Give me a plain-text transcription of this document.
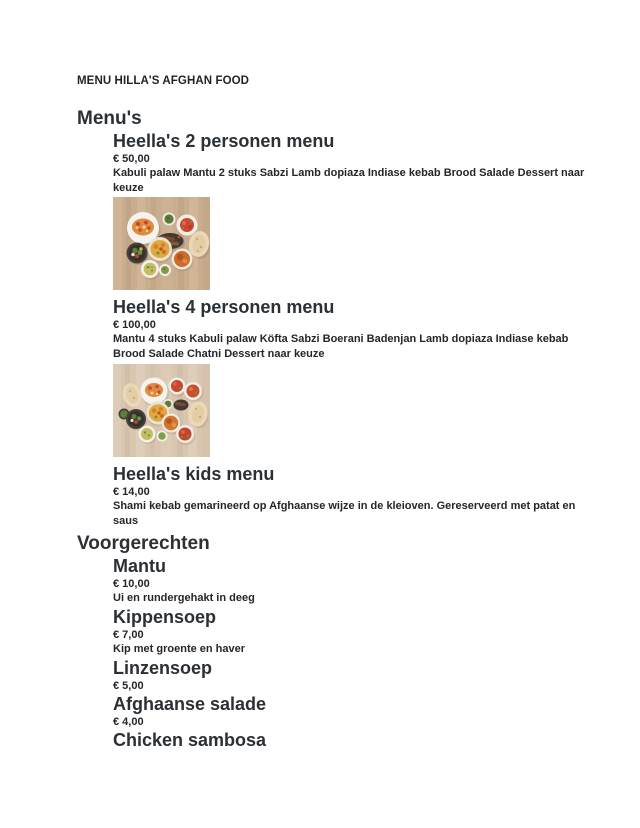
MENU HILLA'S AFGHAN FOOD
Menu's
Heella's 2 personen menu
€ 50,00
Kabuli palaw Mantu 2 stuks Sabzi Lamb dopiaza Indiase kebab Brood Salade Dessert naar keuze
Heella's 4 personen menu
€ 100,00
Mantu 4 stuks Kabuli palaw Köfta Sabzi Boerani Badenjan Lamb dopiaza Indiase kebab Brood Salade Chatni Dessert naar keuze
Heella's kids menu
€ 14,00
Shami kebab gemarineerd op Afghaanse wijze in de kleioven. Gereserveerd met patat en saus
Voorgerechten
Mantu
€ 10,00
Ui en rundergehakt in deeg
Kippensoep
€ 7,00
Kip met groente en haver
Linzensoep
€ 5,00
Afghaanse salade
€ 4,00
Chicken sambosa
